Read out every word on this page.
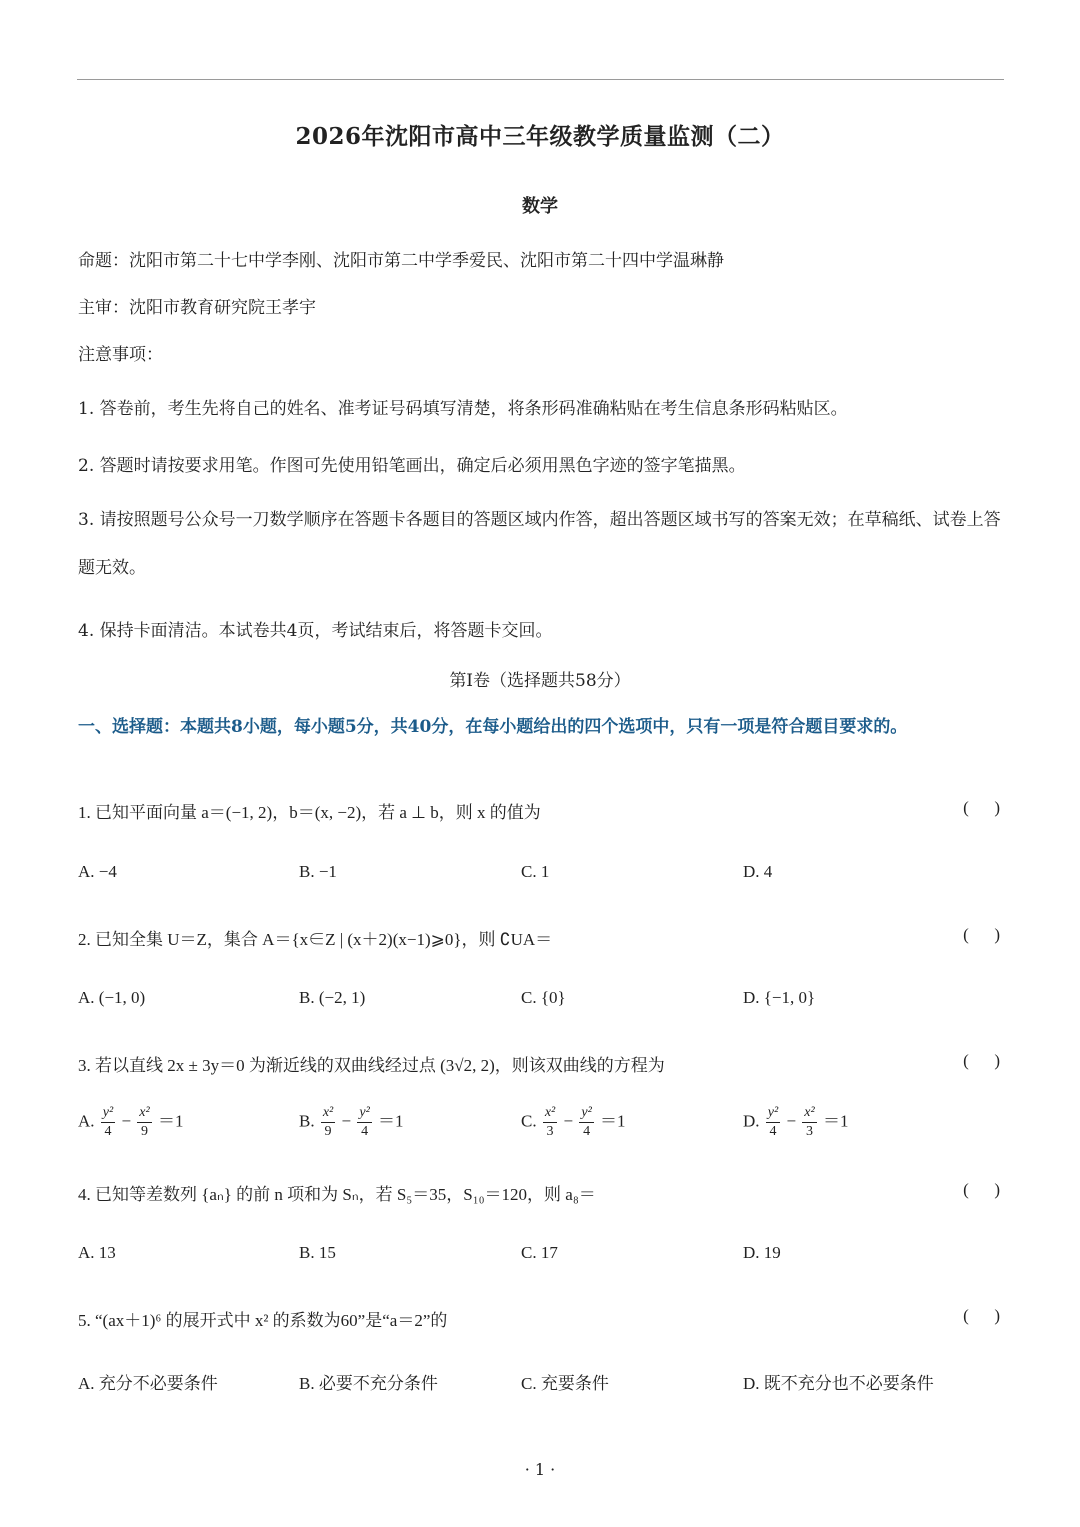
2026年沈阳市高中三年级教学质量监测（二）
数学
命题：沈阳市第二十七中学李刚、沈阳市第二中学季爱民、沈阳市第二十四中学温琳静
主审：沈阳市教育研究院王孝宇
注意事项：
1. 答卷前，考生先将自己的姓名、准考证号码填写清楚，将条形码准确粘贴在考生信息条形码粘贴区。
2. 答题时请按要求用笔。作图可先使用铅笔画出，确定后必须用黑色字迹的签字笔描黑。
3. 请按照题号公众号一刀数学顺序在答题卡各题目的答题区域内作答，超出答题区域书写的答案无效；在草稿纸、试卷上答题无效。
4. 保持卡面清洁。本试卷共4页，考试结束后，将答题卡交回。
第Ⅰ卷（选择题共58分）
一、选择题：本题共8小题，每小题5分，共40分，在每小题给出的四个选项中，只有一项是符合题目要求的。
1. 已知平面向量 a＝(−1, 2)，b＝(x, −2)，若 a ⊥ b，则 x 的值为	(      )
A. −4	B. −1	C. 1	D. 4
2. 已知全集 U＝Z，集合 A＝{x∈Z | (x＋2)(x−1)⩾0}，则 ∁UA＝	(      )
A. (−1, 0)	B. (−2, 1)	C. {0}	D. {−1, 0}
3. 若以直线 2x ± 3y＝0 为渐近线的双曲线经过点 (3√2, 2)，则该双曲线的方程为	(      )
A. $\frac{\text{y²}}{4} - \frac{\text{x²}}{9} =1$	B. $\frac{\text{x²}}{9} - \frac{\text{y²}}{4} =1$	C. $\frac{\text{x²}}{3} - \frac{\text{y²}}{4} =1$	D. $\frac{\text{y²}}{4} - \frac{\text{x²}}{3} =1$
4. 已知等差数列 {aₙ} 的前 n 项和为 Sₙ，若 S₅＝35，S₁₀＝120，则 a₈＝	(      )
A. 13	B. 15	C. 17	D. 19
5. “(ax＋1)⁶ 的展开式中 x² 的系数为60”是“a＝2”的	(      )
A. 充分不必要条件	B. 必要不充分条件	C. 充要条件	D. 既不充分也不必要条件
· 1 ·
